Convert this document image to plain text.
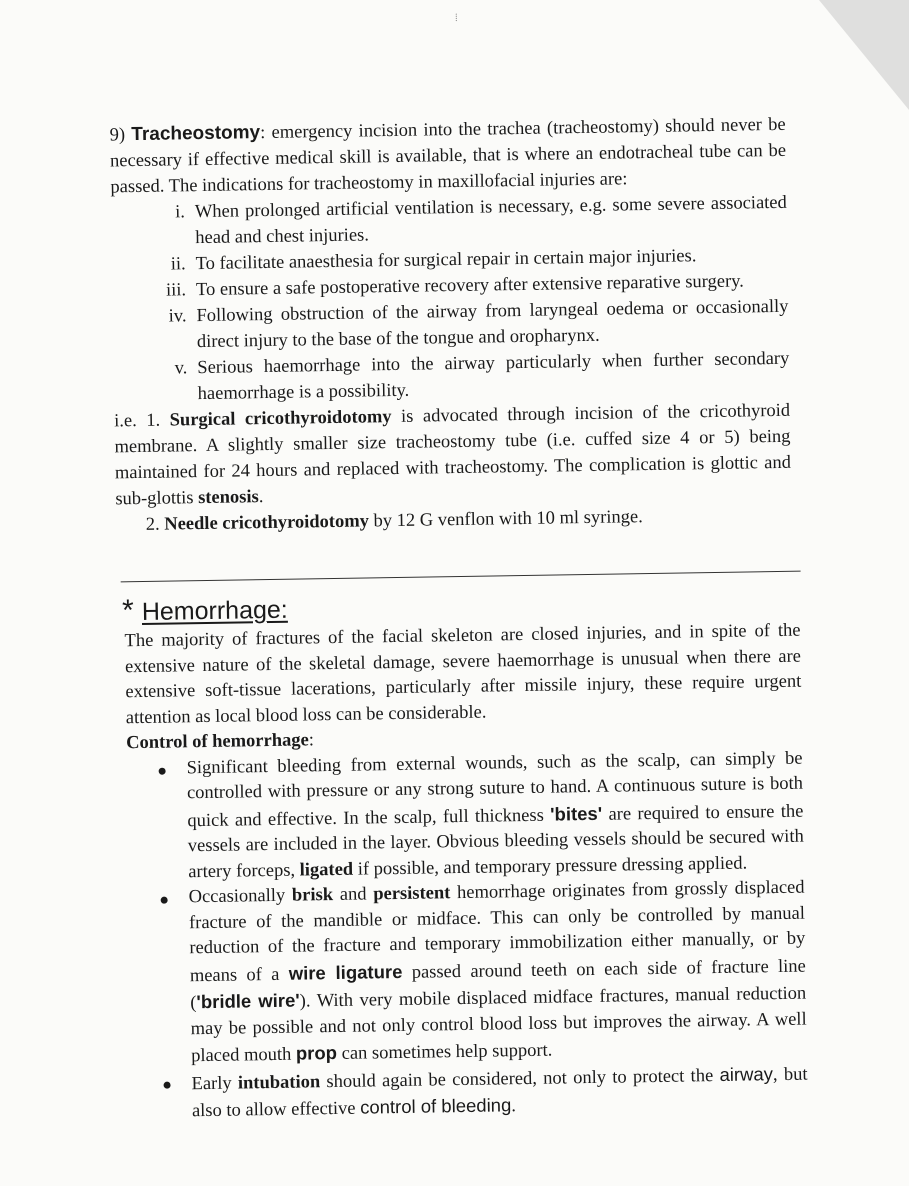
⁞
9) Tracheostomy: emergency incision into the trachea (tracheostomy) should never be necessary if effective medical skill is available, that is where an endotracheal tube can be passed. The indications for tracheostomy in maxillofacial injuries are:
i. When prolonged artificial ventilation is necessary, e.g. some severe associated head and chest injuries.
ii. To facilitate anaesthesia for surgical repair in certain major injuries.
iii. To ensure a safe postoperative recovery after extensive reparative surgery.
iv. Following obstruction of the airway from laryngeal oedema or occasionally direct injury to the base of the tongue and oropharynx.
v. Serious haemorrhage into the airway particularly when further secondary haemorrhage is a possibility.
i.e. 1. Surgical cricothyroidotomy is advocated through incision of the cricothyroid membrane. A slightly smaller size tracheostomy tube (i.e. cuffed size 4 or 5) being maintained for 24 hours and replaced with tracheostomy. The complication is glottic and sub-glottis stenosis.
2. Needle cricothyroidotomy by 12 G venflon with 10 ml syringe.
* Hemorrhage:

The majority of fractures of the facial skeleton are closed injuries, and in spite of the extensive nature of the skeletal damage, severe haemorrhage is unusual when there are extensive soft-tissue lacerations, particularly after missile injury, these require urgent attention as local blood loss can be considerable.

Control of hemorrhage:
Significant bleeding from external wounds, such as the scalp, can simply be controlled with pressure or any strong suture to hand. A continuous suture is both quick and effective. In the scalp, full thickness 'bites' are required to ensure the vessels are included in the layer. Obvious bleeding vessels should be secured with artery forceps, ligated if possible, and temporary pressure dressing applied.
Occasionally brisk and persistent hemorrhage originates from grossly displaced fracture of the mandible or midface. This can only be controlled by manual reduction of the fracture and temporary immobilization either manually, or by means of a wire ligature passed around teeth on each side of fracture line ('bridle wire'). With very mobile displaced midface fractures, manual reduction may be possible and not only control blood loss but improves the airway. A well placed mouth prop can sometimes help support.
Early intubation should again be considered, not only to protect the airway, but also to allow effective control of bleeding.
